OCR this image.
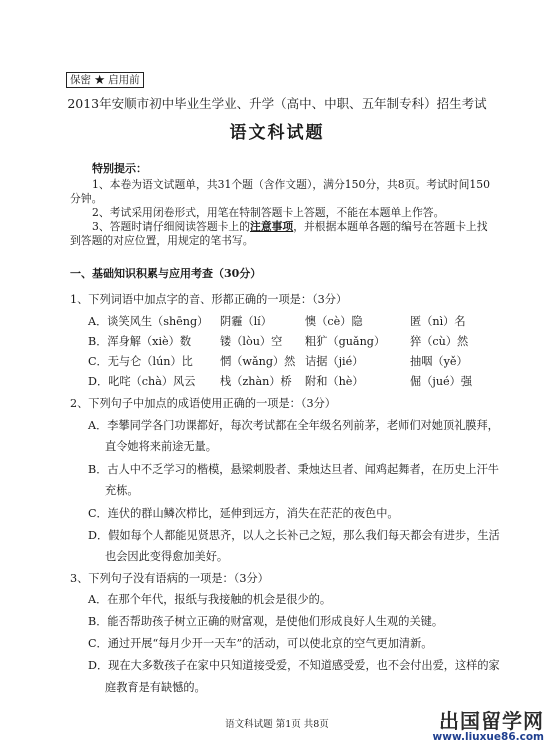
保密 ★ 启用前
2013年安顺市初中毕业生学业、升学（高中、中职、五年制专科）招生考试
语文科试题
特别提示：
1、本卷为语文试题单，共31个题（含作文题），满分150分，共8页。考试时间150
分钟。
2、考试采用闭卷形式，用笔在特制答题卡上答题，不能在本题单上作答。
3、答题时请仔细阅读答题卡上的注意事项，并根据本题单各题的编号在答题卡上找
到答题的对应位置，用规定的笔书写。
一、基础知识积累与应用考查（30分）
1、下列词语中加点字的音、形都正确的一项是：（3分）
A．谈笑风生（shēng） 阴霾（lí）	懊（cè）隐	匿（nì）名
B．浑身解（xiè）数	镂（lòu）空 粗犷（guǎng） 猝（cù）然
C．无与仑（lún）比 惘（wǎng）然 诘据（jié）	抽咽（yě）
D．叱咤（chà）风云 栈（zhàn）桥 附和（hè）	倔（jué）强
2、下列句子中加点的成语使用正确的一项是：（3分）
A．李攀同学各门功课都好，每次考试都在全年级名列前茅，老师们对她顶礼膜拜，
直令她将来前途无量。
B．古人中不乏学习的楷模，悬梁刺股者、秉烛达旦者、闻鸡起舞者，在历史上汗牛
充栋。
C．连伏的群山鳞次栉比，延伸到远方，消失在茫茫的夜色中。
D．假如每个人都能见贤思齐，以人之长补己之短，那么我们每天都会有进步，生活
也会因此变得愈加美好。
3、下列句子没有语病的一项是：（3分）
A．在那个年代，报纸与我接触的机会是很少的。
B．能否帮助孩子树立正确的财富观，是使他们形成良好人生观的关键。
C．通过开展“每月少开一天车”的活动，可以使北京的空气更加清新。
D．现在大多数孩子在家中只知道接受爱，不知道感受爱，也不会付出爱，这样的家
庭教育是有缺憾的。
语文科试题 第1页 共8页	出国留学网
www.liuxue86.com
